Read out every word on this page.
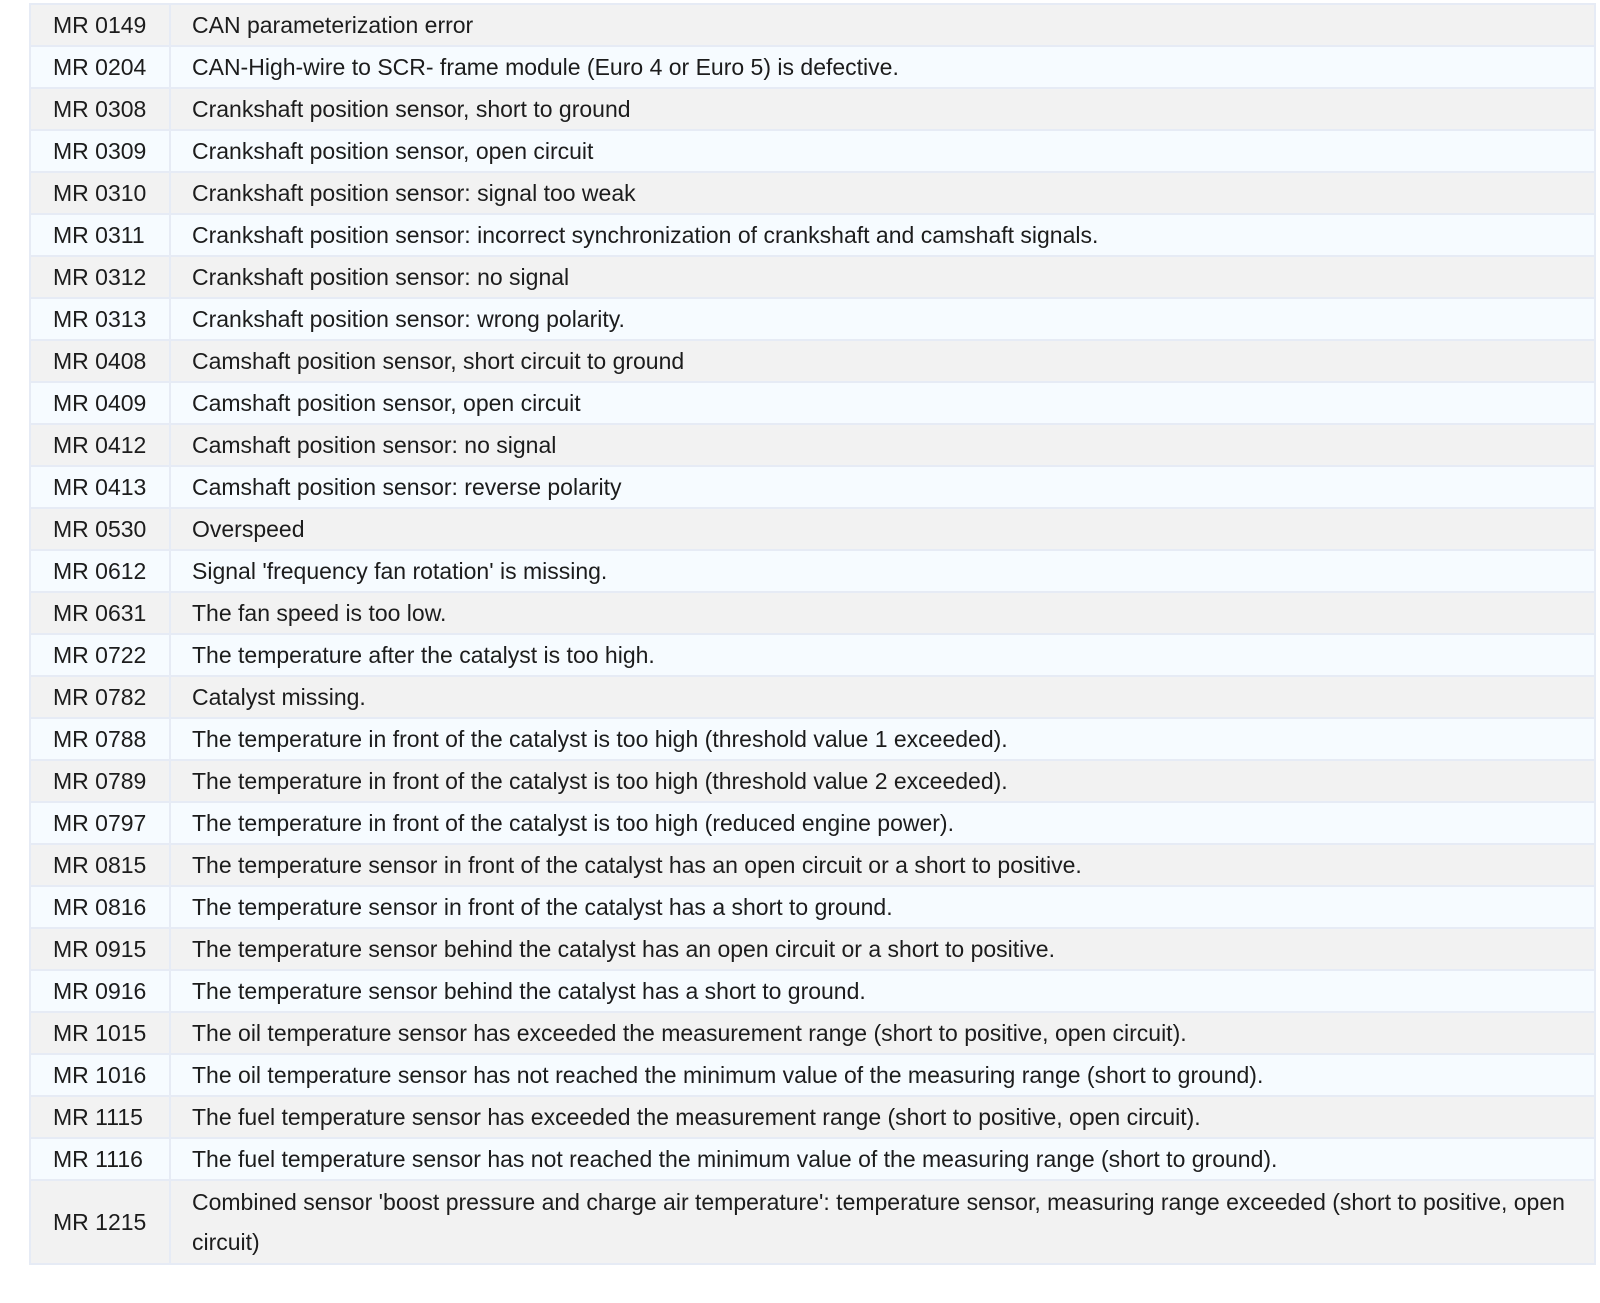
MR 0149	CAN parameterization error
MR 0204	CAN-High-wire to SCR- frame module (Euro 4 or Euro 5) is defective.
MR 0308	Crankshaft position sensor, short to ground
MR 0309	Crankshaft position sensor, open circuit
MR 0310	Crankshaft position sensor: signal too weak
MR 0311	Crankshaft position sensor: incorrect synchronization of crankshaft and camshaft signals.
MR 0312	Crankshaft position sensor: no signal
MR 0313	Crankshaft position sensor: wrong polarity.
MR 0408	Camshaft position sensor, short circuit to ground
MR 0409	Camshaft position sensor, open circuit
MR 0412	Camshaft position sensor: no signal
MR 0413	Camshaft position sensor: reverse polarity
MR 0530	Overspeed
MR 0612	Signal 'frequency fan rotation' is missing.
MR 0631	The fan speed is too low.
MR 0722	The temperature after the catalyst is too high.
MR 0782	Catalyst missing.
MR 0788	The temperature in front of the catalyst is too high (threshold value 1 exceeded).
MR 0789	The temperature in front of the catalyst is too high (threshold value 2 exceeded).
MR 0797	The temperature in front of the catalyst is too high (reduced engine power).
MR 0815	The temperature sensor in front of the catalyst has an open circuit or a short to positive.
MR 0816	The temperature sensor in front of the catalyst has a short to ground.
MR 0915	The temperature sensor behind the catalyst has an open circuit or a short to positive.
MR 0916	The temperature sensor behind the catalyst has a short to ground.
MR 1015	The oil temperature sensor has exceeded the measurement range (short to positive, open circuit).
MR 1016	The oil temperature sensor has not reached the minimum value of the measuring range (short to ground).
MR 1115	The fuel temperature sensor has exceeded the measurement range (short to positive, open circuit).
MR 1116	The fuel temperature sensor has not reached the minimum value of the measuring range (short to ground).
MR 1215	Combined sensor 'boost pressure and charge air temperature': temperature sensor, measuring range exceeded (short to positive, open circuit)
